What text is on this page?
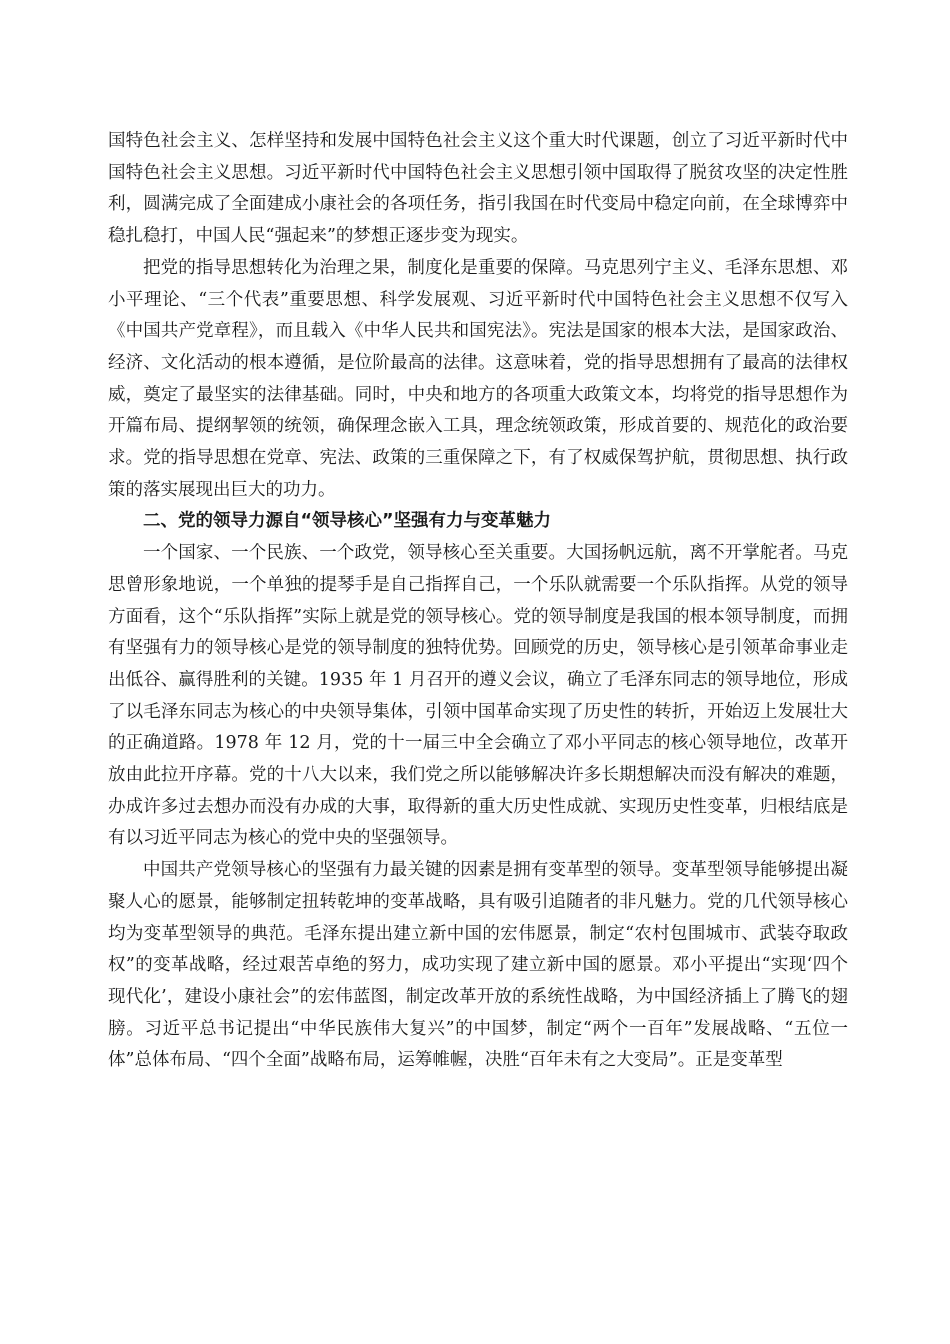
国特色社会主义、怎样坚持和发展中国特色社会主义这个重大时代课题，创立了习近平新时代中国特色社会主义思想。习近平新时代中国特色社会主义思想引领中国取得了脱贫攻坚的决定性胜利，圆满完成了全面建成小康社会的各项任务，指引我国在时代变局中稳定向前，在全球博弈中稳扎稳打，中国人民“强起来”的梦想正逐步变为现实。

把党的指导思想转化为治理之果，制度化是重要的保障。马克思列宁主义、毛泽东思想、邓小平理论、“三个代表”重要思想、科学发展观、习近平新时代中国特色社会主义思想不仅写入《中国共产党章程》，而且载入《中华人民共和国宪法》。宪法是国家的根本大法，是国家政治、经济、文化活动的根本遵循，是位阶最高的法律。这意味着，党的指导思想拥有了最高的法律权威，奠定了最坚实的法律基础。同时，中央和地方的各项重大政策文本，均将党的指导思想作为开篇布局、提纲挈领的统领，确保理念嵌入工具，理念统领政策，形成首要的、规范化的政治要求。党的指导思想在党章、宪法、政策的三重保障之下，有了权威保驾护航，贯彻思想、执行政策的落实展现出巨大的功力。

二、党的领导力源自“领导核心”坚强有力与变革魅力

一个国家、一个民族、一个政党，领导核心至关重要。大国扬帆远航，离不开掌舵者。马克思曾形象地说，一个单独的提琴手是自己指挥自己，一个乐队就需要一个乐队指挥。从党的领导方面看，这个“乐队指挥”实际上就是党的领导核心。党的领导制度是我国的根本领导制度，而拥有坚强有力的领导核心是党的领导制度的独特优势。回顾党的历史，领导核心是引领革命事业走出低谷、赢得胜利的关键。1935 年 1 月召开的遵义会议，确立了毛泽东同志的领导地位，形成了以毛泽东同志为核心的中央领导集体，引领中国革命实现了历史性的转折，开始迈上发展壮大的正确道路。1978 年 12 月，党的十一届三中全会确立了邓小平同志的核心领导地位，改革开放由此拉开序幕。党的十八大以来，我们党之所以能够解决许多长期想解决而没有解决的难题，办成许多过去想办而没有办成的大事，取得新的重大历史性成就、实现历史性变革，归根结底是有以习近平同志为核心的党中央的坚强领导。

中国共产党领导核心的坚强有力最关键的因素是拥有变革型的领导。变革型领导能够提出凝聚人心的愿景，能够制定扭转乾坤的变革战略，具有吸引追随者的非凡魅力。党的几代领导核心均为变革型领导的典范。毛泽东提出建立新中国的宏伟愿景，制定“农村包围城市、武装夺取政权”的变革战略，经过艰苦卓绝的努力，成功实现了建立新中国的愿景。邓小平提出“实现‘四个现代化’，建设小康社会”的宏伟蓝图，制定改革开放的系统性战略，为中国经济插上了腾飞的翅膀。习近平总书记提出“中华民族伟大复兴”的中国梦，制定“两个一百年”发展战略、“五位一体”总体布局、“四个全面”战略布局，运筹帷幄，决胜“百年未有之大变局”。正是变革型
